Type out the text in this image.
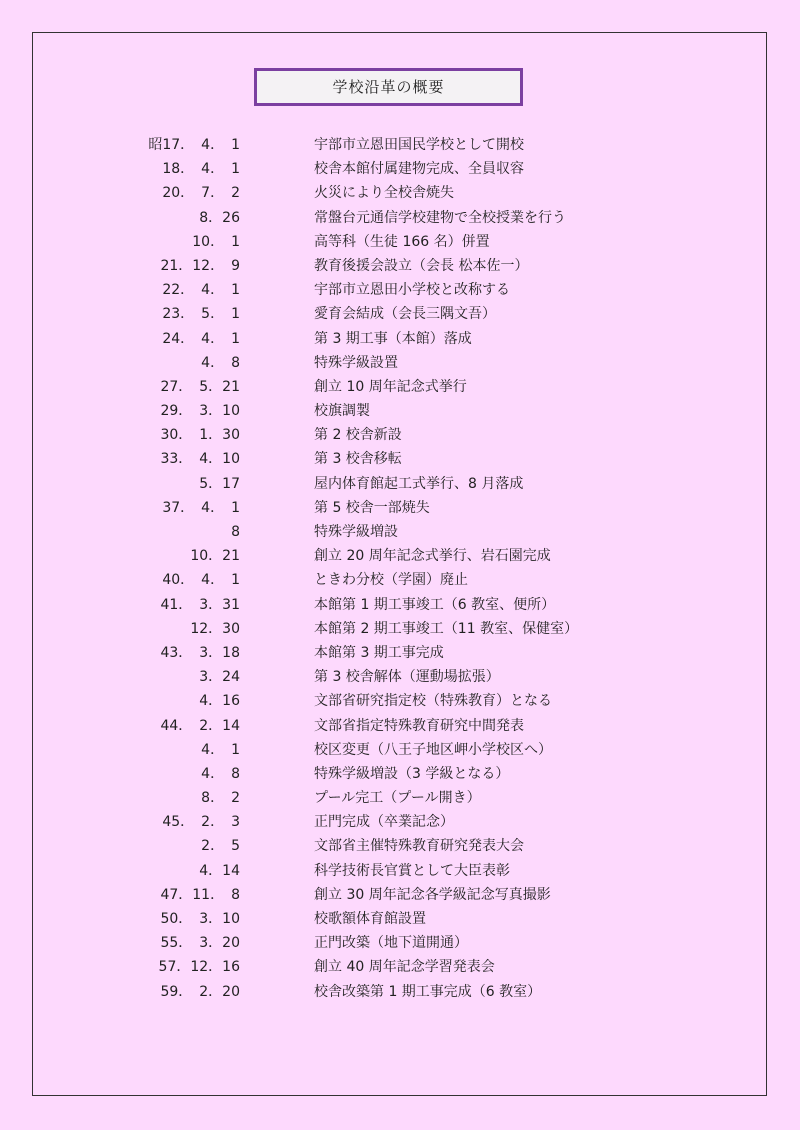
学校沿革の概要
昭17．　4．　1	宇部市立恩田国民学校として開校
18．　4．　1	校舎本館付属建物完成、全員収容
20．　7．　2	火災により全校舎焼失
8．26	常盤台元通信学校建物で全校授業を行う
10．　1	高等科（生徒 166 名）併置
21．12．　9	教育後援会設立（会長 松本佐一）
22．　4．　1	宇部市立恩田小学校と改称する
23．　5．　1	愛育会結成（会長三隅文吾）
24．　4．　1	第 3 期工事（本館）落成
4．　8	特殊学級設置
27．　5．21	創立 10 周年記念式挙行
29．　3．10	校旗調製
30．　1．30	第 2 校舎新設
33．　4．10	第 3 校舎移転
5．17	屋内体育館起工式挙行、8 月落成
37．　4．　1	第 5 校舎一部焼失
8	特殊学級増設
10．21	創立 20 周年記念式挙行、岩石園完成
40．　4．　1	ときわ分校（学園）廃止
41．　3．31	本館第 1 期工事竣工（6 教室、便所）
12．30	本館第 2 期工事竣工（11 教室、保健室）
43．　3．18	本館第 3 期工事完成
3．24	第 3 校舎解体（運動場拡張）
4．16	文部省研究指定校（特殊教育）となる
44．　2．14	文部省指定特殊教育研究中間発表
4．　1	校区変更（八王子地区岬小学校区へ）
4．　8	特殊学級増設（3 学級となる）
8．　2	プール完工（プール開き）
45．　2．　3	正門完成（卒業記念）
2．　5	文部省主催特殊教育研究発表大会
4．14	科学技術長官賞として大臣表彰
47．11．　8	創立 30 周年記念各学級記念写真撮影
50．　3．10	校歌額体育館設置
55．　3．20	正門改築（地下道開通）
57．12．16	創立 40 周年記念学習発表会
59．　2．20	校舎改築第 1 期工事完成（6 教室）
